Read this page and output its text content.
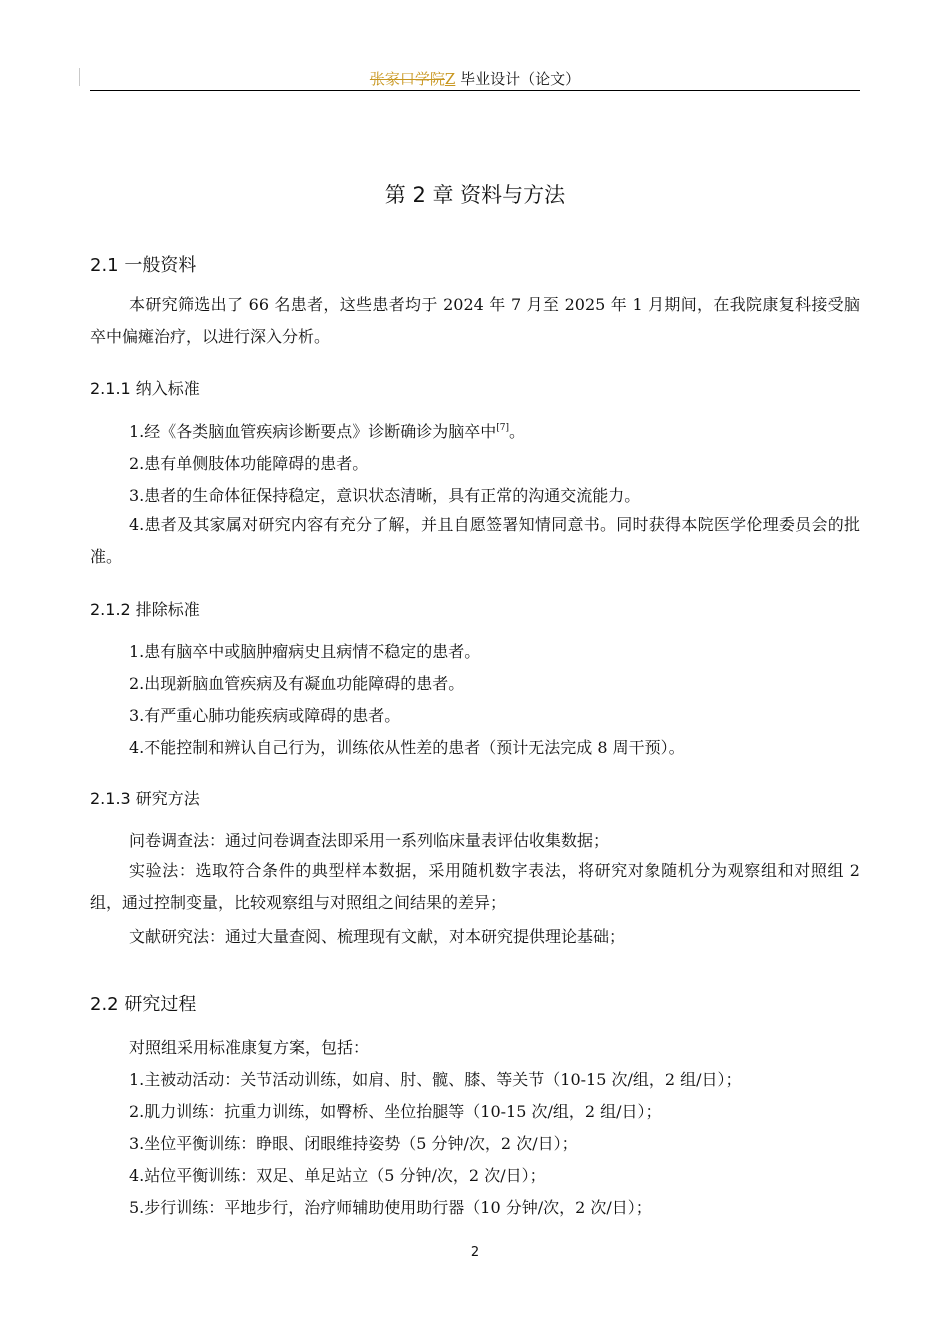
张家口学院Z 毕业设计（论文）
第 2 章 资料与方法
2.1 一般资料
本研究筛选出了 66 名患者，这些患者均于 2024 年 7 月至 2025 年 1 月期间，在我院康复科接受脑卒中偏瘫治疗，以进行深入分析。
2.1.1 纳入标准
1.经《各类脑血管疾病诊断要点》诊断确诊为脑卒中[7]。
2.患有单侧肢体功能障碍的患者。
3.患者的生命体征保持稳定，意识状态清晰，具有正常的沟通交流能力。
4.患者及其家属对研究内容有充分了解，并且自愿签署知情同意书。同时获得本院医学伦理委员会的批准。
2.1.2 排除标准
1.患有脑卒中或脑肿瘤病史且病情不稳定的患者。
2.出现新脑血管疾病及有凝血功能障碍的患者。
3.有严重心肺功能疾病或障碍的患者。
4.不能控制和辨认自己行为，训练依从性差的患者（预计无法完成 8 周干预）。
2.1.3 研究方法
问卷调查法：通过问卷调查法即采用一系列临床量表评估收集数据；
实验法：选取符合条件的典型样本数据，采用随机数字表法，将研究对象随机分为观察组和对照组 2 组，通过控制变量，比较观察组与对照组之间结果的差异；
文献研究法：通过大量查阅、梳理现有文献，对本研究提供理论基础；
2.2 研究过程
对照组采用标准康复方案，包括：
1.主被动活动：关节活动训练，如肩、肘、髋、膝、等关节（10-15 次/组，2 组/日）；
2.肌力训练：抗重力训练，如臀桥、坐位抬腿等（10-15 次/组，2 组/日）；
3.坐位平衡训练：睁眼、闭眼维持姿势（5 分钟/次，2 次/日）；
4.站位平衡训练：双足、单足站立（5 分钟/次，2 次/日）；
5.步行训练：平地步行，治疗师辅助使用助行器（10 分钟/次，2 次/日）；
2
